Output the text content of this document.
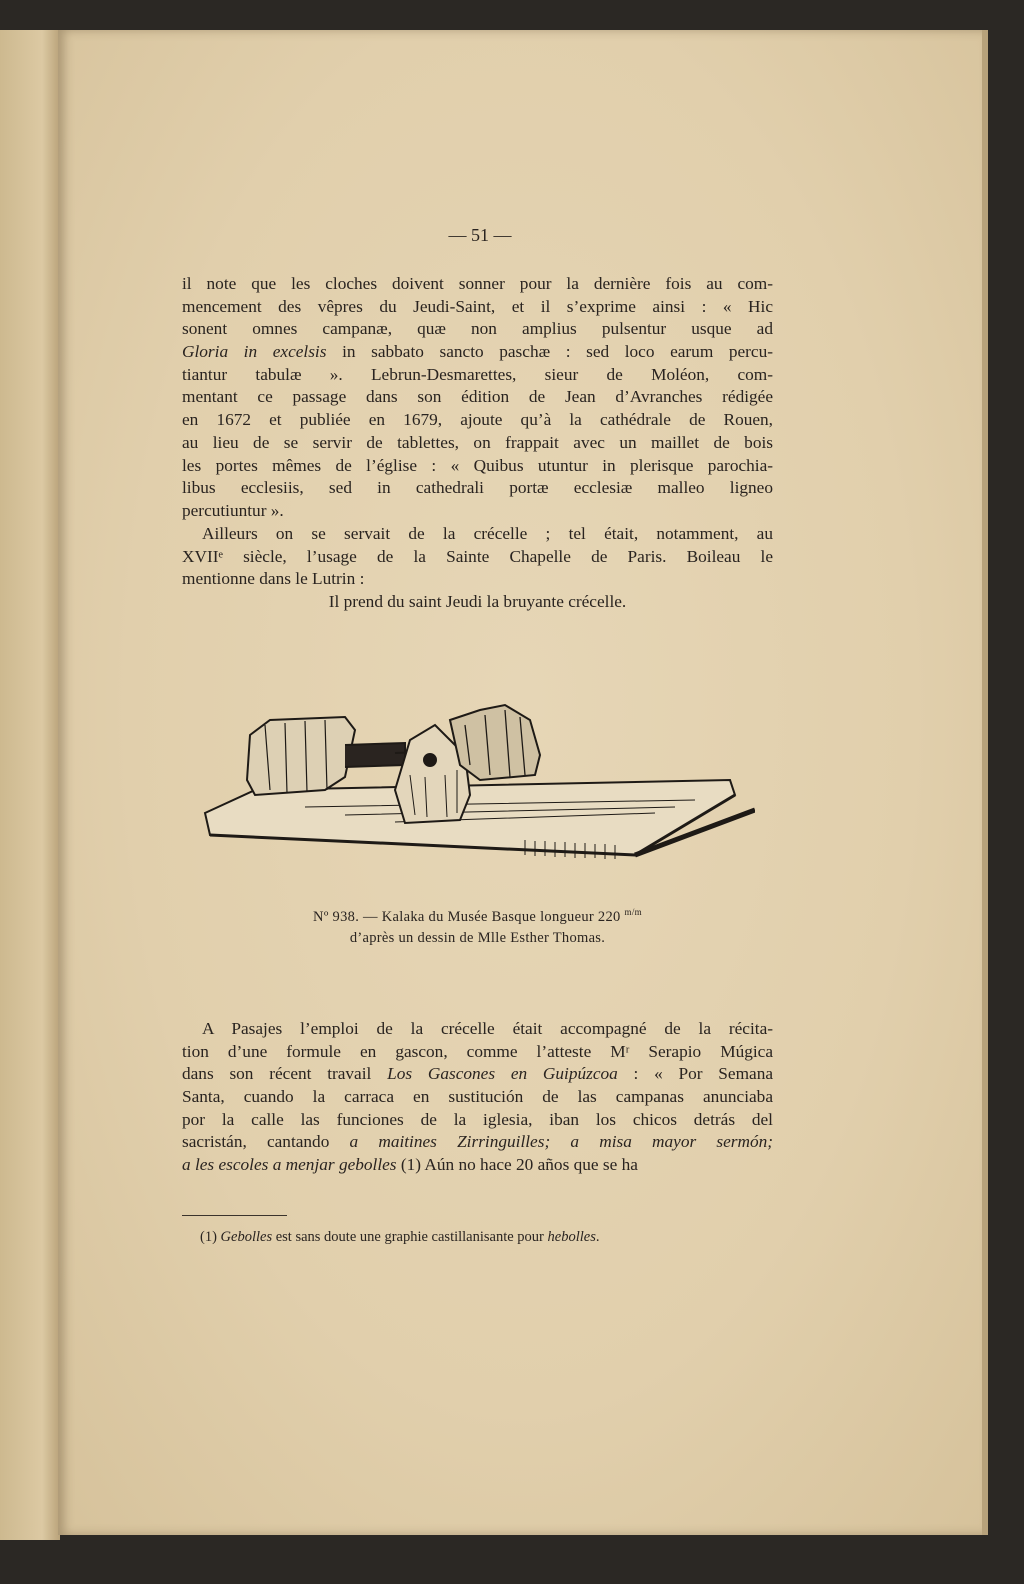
— 51 —
il note que les cloches doivent sonner pour la dernière fois au com-
mencement des vêpres du Jeudi-Saint, et il s’exprime ainsi : « Hic
sonent omnes campanæ, quæ non amplius pulsentur usque ad
Gloria in excelsis in sabbato sancto paschæ : sed loco earum percu-
tiantur tabulæ ». Lebrun-Desmarettes, sieur de Moléon, com-
mentant ce passage dans son édition de Jean d’Avranches rédigée
en 1672 et publiée en 1679, ajoute qu’à la cathédrale de Rouen,
au lieu de se servir de tablettes, on frappait avec un maillet de bois
les portes mêmes de l’église : « Quibus utuntur in plerisque parochia-
libus ecclesiis, sed in cathedrali portæ ecclesiæ malleo ligneo
percutiuntur ».
Ailleurs on se servait de la crécelle ; tel était, notamment, au
XVIIᵉ siècle, l’usage de la Sainte Chapelle de Paris. Boileau le
mentionne dans le Lutrin :
Il prend du saint Jeudi la bruyante crécelle.
Nº 938. — Kalaka du Musée Basque longueur 220 $^{m/m}$
d’après un dessin de Mlle Esther Thomas.
A Pasajes l’emploi de la crécelle était accompagné de la récita-
tion d’une formule en gascon, comme l’atteste Mʳ Serapio Múgica
dans son récent travail Los Gascones en Guipúzcoa : « Por Semana
Santa, cuando la carraca en sustitución de las campanas anunciaba
por la calle las funciones de la iglesia, iban los chicos detrás del
sacristán, cantando a maitines Zirringuilles; a misa mayor sermón;
a les escoles a menjar gebolles (1) Aún no hace 20 años que se ha
(1) Gebolles est sans doute une graphie castillanisante pour hebolles.
